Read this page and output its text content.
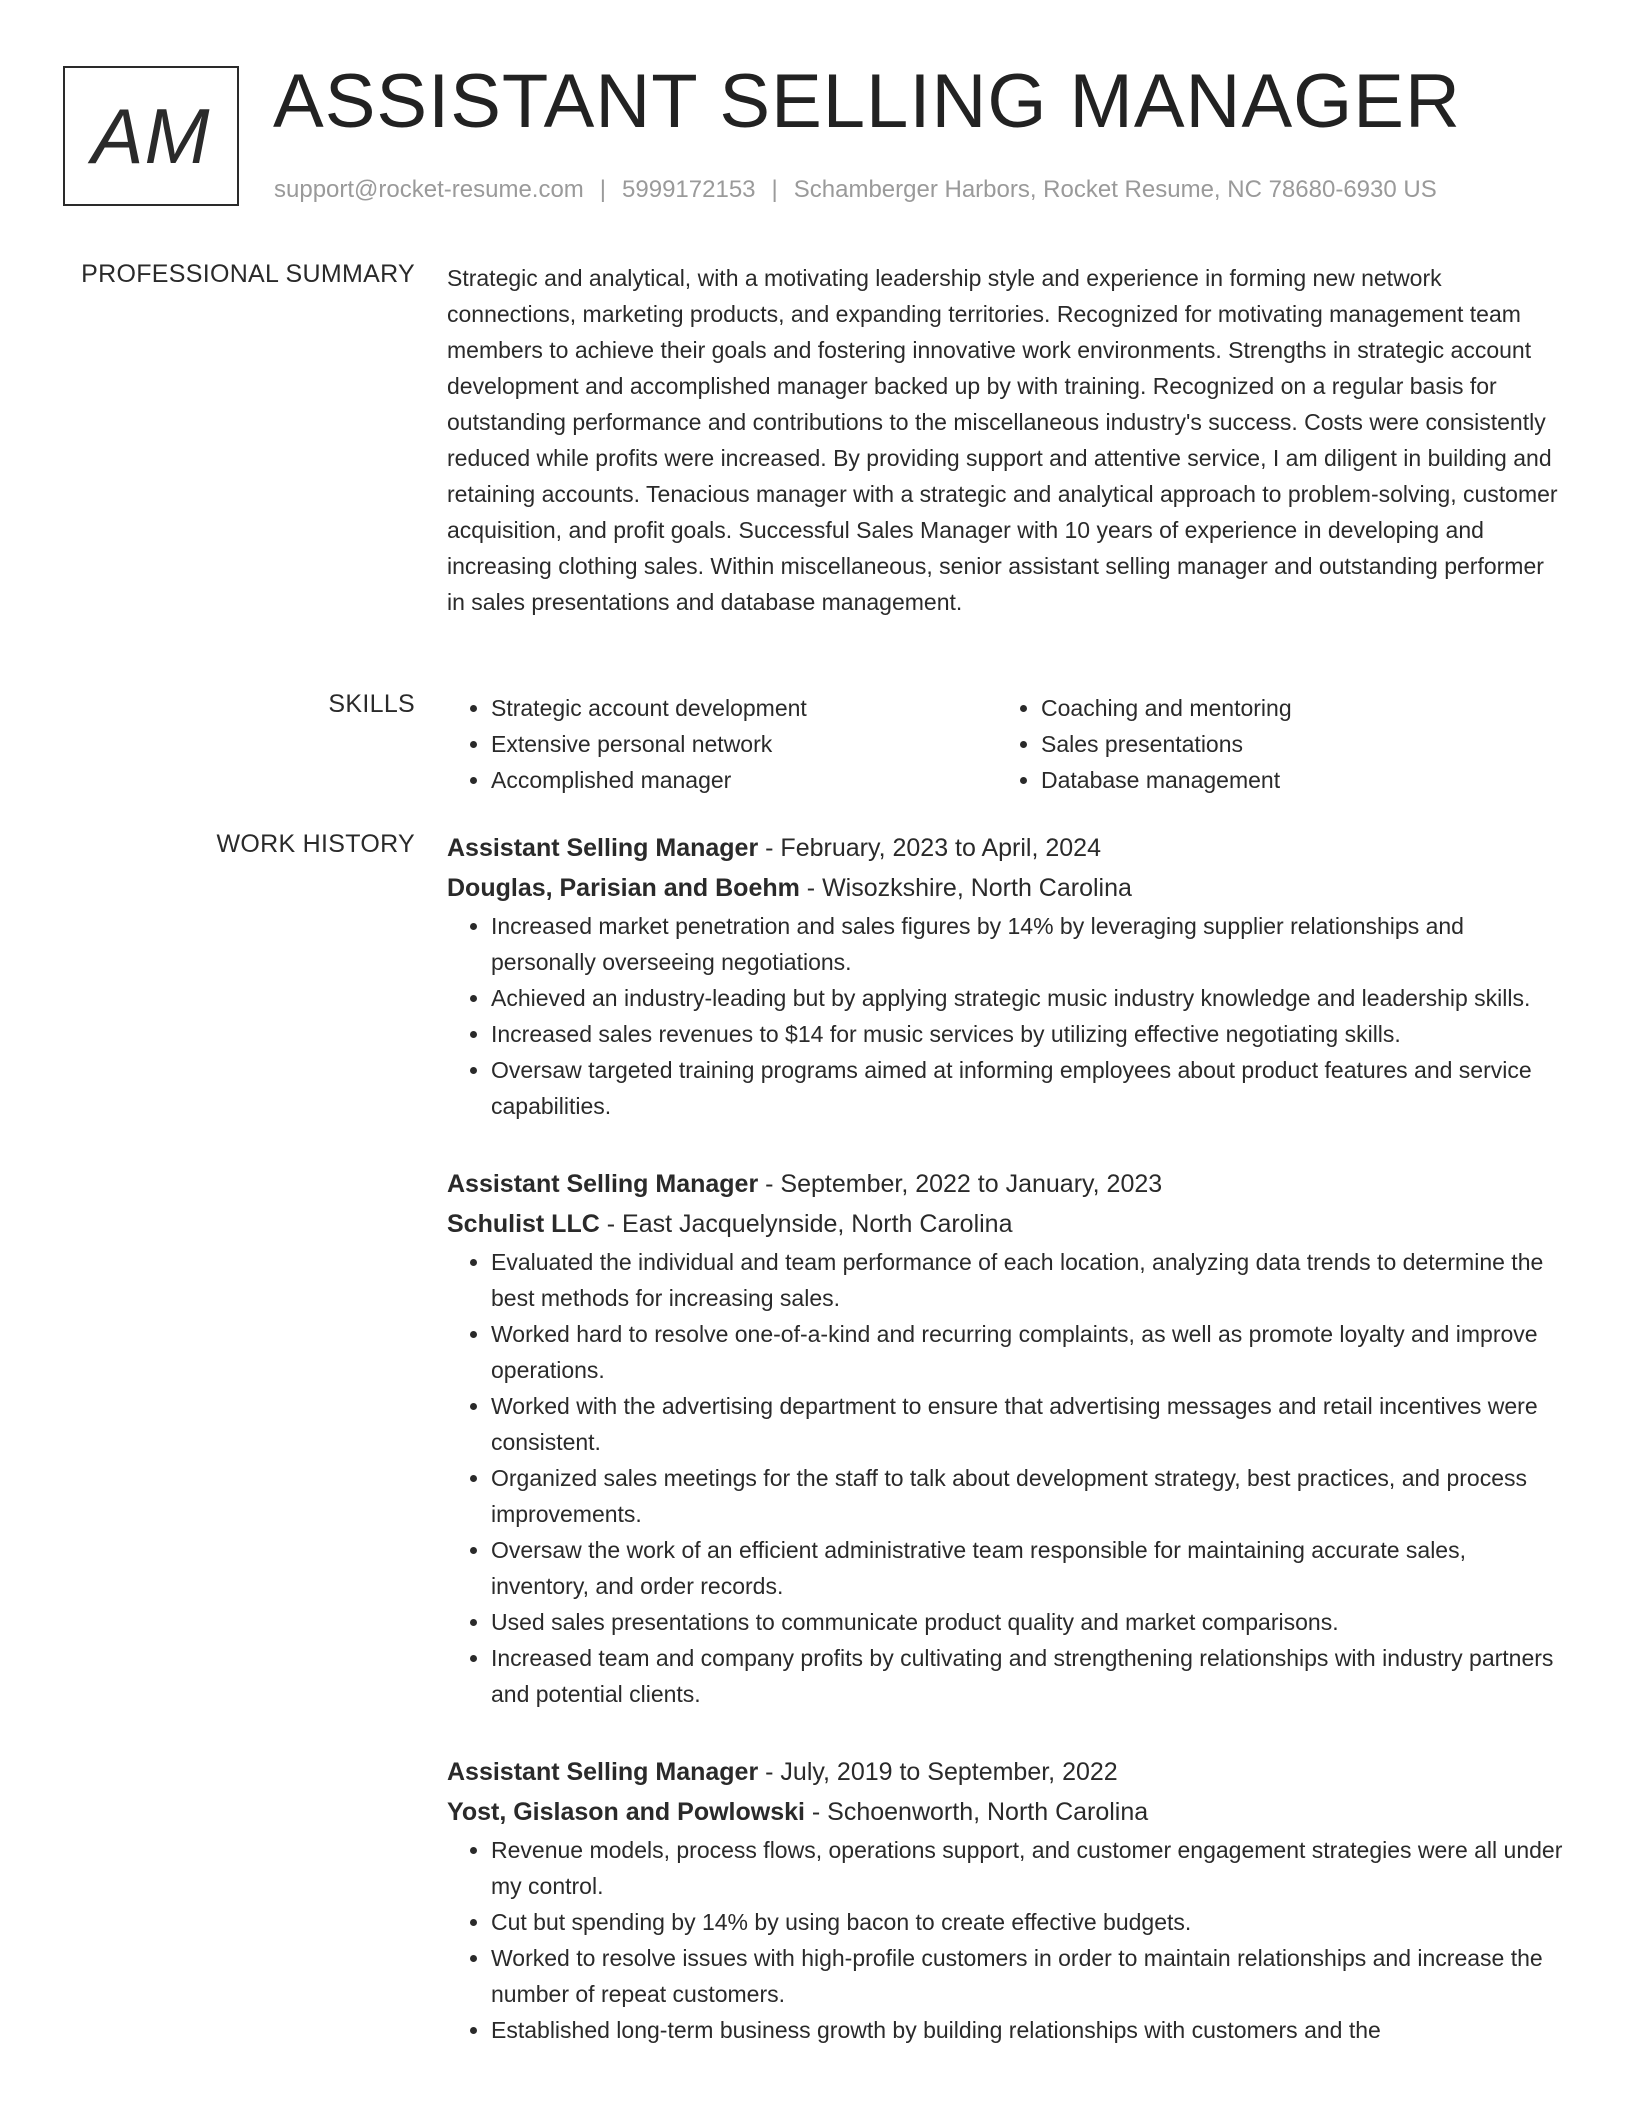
AM ASSISTANT SELLING MANAGER
support@rocket-resume.com | 5999172153 | Schamberger Harbors, Rocket Resume, NC 78680-6930 US
PROFESSIONAL SUMMARY Strategic and analytical, with a motivating leadership style and experience in forming new network connections, marketing products, and expanding territories. Recognized for motivating management team members to achieve their goals and fostering innovative work environments. Strengths in strategic account development and accomplished manager backed up by with training. Recognized on a regular basis for outstanding performance and contributions to the miscellaneous industry's success. Costs were consistently reduced while profits were increased. By providing support and attentive service, I am diligent in building and retaining accounts. Tenacious manager with a strategic and analytical approach to problem-solving, customer acquisition, and profit goals. Successful Sales Manager with 10 years of experience in developing and increasing clothing sales. Within miscellaneous, senior assistant selling manager and outstanding performer in sales presentations and database management.

SKILLS
•	Strategic account development
• Extensive personal network
• Accomplished manager
• Coaching and mentoring
• Sales presentations
• Database management
WORK HISTORY Assistant Selling Manager - February, 2023 to April, 2024
Douglas, Parisian and Boehm - Wisozkshire, North Carolina
• Increased market penetration and sales figures by 14% by leveraging supplier relationships and personally overseeing negotiations.
• Achieved an industry-leading but by applying strategic music industry knowledge and leadership skills.
• Increased sales revenues to $14 for music services by utilizing effective negotiating skills.
• Oversaw targeted training programs aimed at informing employees about product features and service capabilities.
Assistant Selling Manager - September, 2022 to January, 2023
Schulist LLC - East Jacquelynside, North Carolina
• Evaluated the individual and team performance of each location, analyzing data trends to determine the best methods for increasing sales.
• Worked hard to resolve one-of-a-kind and recurring complaints, as well as promote loyalty and improve operations.
• Worked with the advertising department to ensure that advertising messages and retail incentives were consistent.
• Organized sales meetings for the staff to talk about development strategy, best practices, and process improvements.
• Oversaw the work of an efficient administrative team responsible for maintaining accurate sales, inventory, and order records.
• Used sales presentations to communicate product quality and market comparisons.
• Increased team and company profits by cultivating and strengthening relationships with industry partners and potential clients.
Assistant Selling Manager - July, 2019 to September, 2022
Yost, Gislason and Powlowski - Schoenworth, North Carolina
• Revenue models, process flows, operations support, and customer engagement strategies were all under my control.
• Cut but spending by 14% by using bacon to create effective budgets.
• Worked to resolve issues with high-profile customers in order to maintain relationships and increase the number of repeat customers.
• Established long-term business growth by building relationships with customers and the
